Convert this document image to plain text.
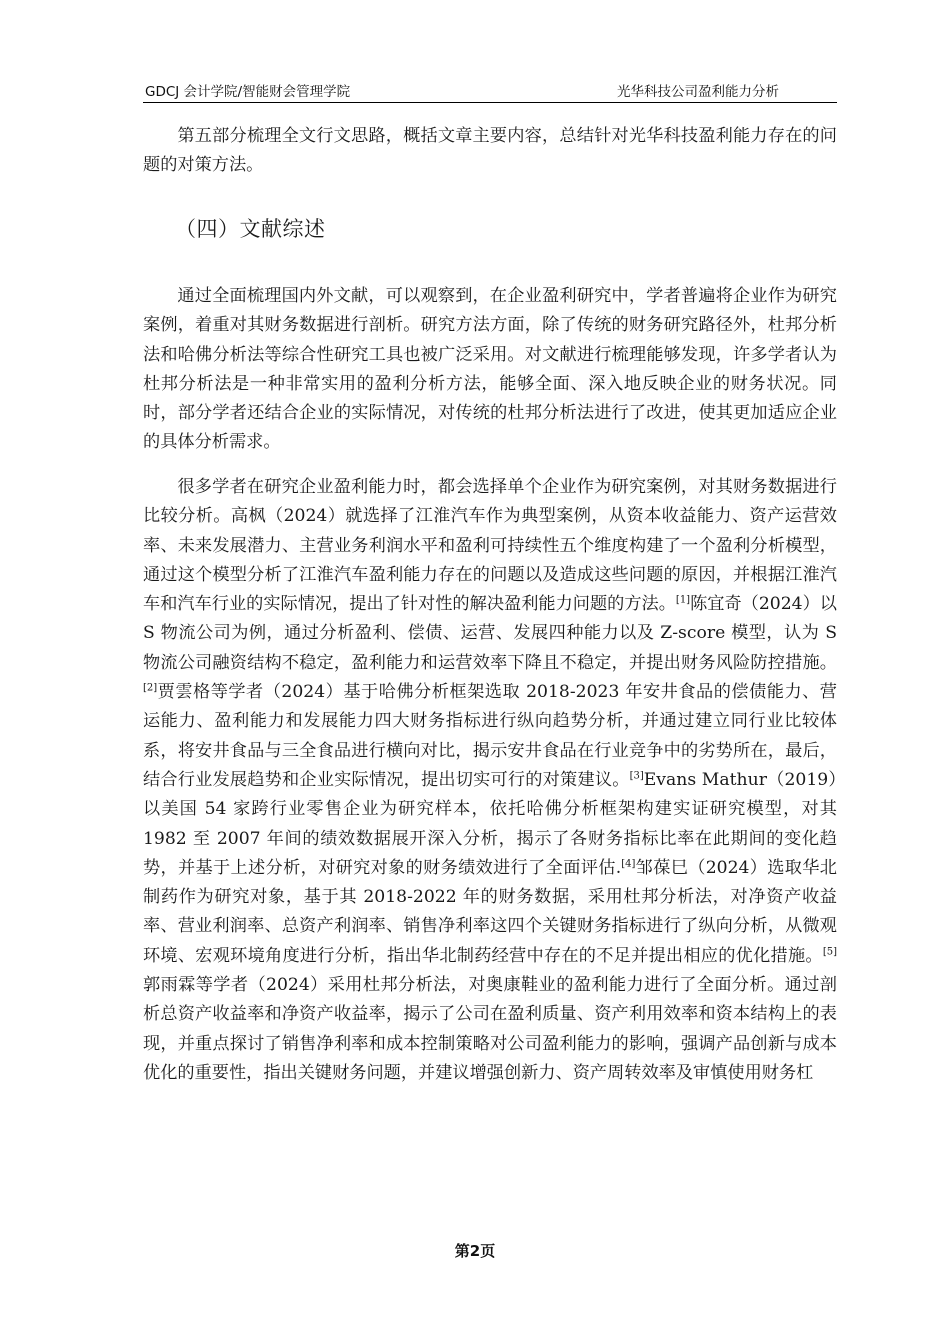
GDCJ 会计学院/智能财会管理学院	光华科技公司盈利能力分析

第五部分梳理全文行文思路，概括文章主要内容，总结针对光华科技盈利能力存在的问题的对策方法。

（四）文献综述

通过全面梳理国内外文献，可以观察到，在企业盈利研究中，学者普遍将企业作为研究案例，着重对其财务数据进行剖析。研究方法方面，除了传统的财务研究路径外，杜邦分析法和哈佛分析法等综合性研究工具也被广泛采用。对文献进行梳理能够发现，许多学者认为杜邦分析法是一种非常实用的盈利分析方法，能够全面、深入地反映企业的财务状况。同时，部分学者还结合企业的实际情况，对传统的杜邦分析法进行了改进，使其更加适应企业的具体分析需求。

很多学者在研究企业盈利能力时，都会选择单个企业作为研究案例，对其财务数据进行比较分析。高枫（2024）就选择了江淮汽车作为典型案例，从资本收益能力、资产运营效率、未来发展潜力、主营业务利润水平和盈利可持续性五个维度构建了一个盈利分析模型，通过这个模型分析了江淮汽车盈利能力存在的问题以及造成这些问题的原因，并根据江淮汽车和汽车行业的实际情况，提出了针对性的解决盈利能力问题的方法。[1]陈宜奇（2024）以 S 物流公司为例，通过分析盈利、偿债、运营、发展四种能力以及 Z-score 模型，认为 S 物流公司融资结构不稳定，盈利能力和运营效率下降且不稳定，并提出财务风险防控措施。[2]贾雲格等学者（2024）基于哈佛分析框架选取 2018-2023 年安井食品的偿债能力、营运能力、盈利能力和发展能力四大财务指标进行纵向趋势分析，并通过建立同行业比较体系，将安井食品与三全食品进行横向对比，揭示安井食品在行业竞争中的劣势所在，最后，结合行业发展趋势和企业实际情况，提出切实可行的对策建议。[3]Evans Mathur（2019）以美国 54 家跨行业零售企业为研究样本，依托哈佛分析框架构建实证研究模型，对其 1982 至 2007 年间的绩效数据展开深入分析，揭示了各财务指标比率在此期间的变化趋势，并基于上述分析，对研究对象的财务绩效进行了全面评估.[4]邹葆巳（2024）选取华北制药作为研究对象，基于其 2018-2022 年的财务数据，采用杜邦分析法，对净资产收益率、营业利润率、总资产利润率、销售净利率这四个关键财务指标进行了纵向分析，从微观环境、宏观环境角度进行分析，指出华北制药经营中存在的不足并提出相应的优化措施。[5]郭雨霖等学者（2024）采用杜邦分析法，对奥康鞋业的盈利能力进行了全面分析。通过剖析总资产收益率和净资产收益率，揭示了公司在盈利质量、资产利用效率和资本结构上的表现，并重点探讨了销售净利率和成本控制策略对公司盈利能力的影响，强调产品创新与成本优化的重要性，指出关键财务问题，并建议增强创新力、资产周转效率及审慎使用财务杠

第2页
